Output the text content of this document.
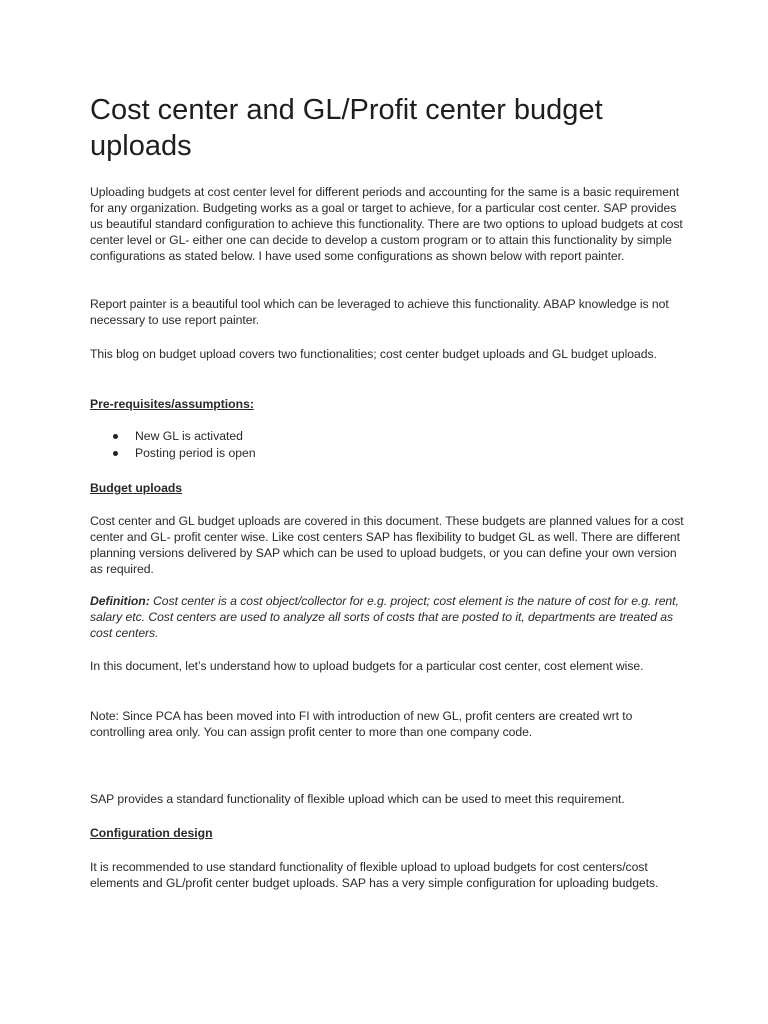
Cost center and GL/Profit center budget uploads

Uploading budgets at cost center level for different periods and accounting for the same is a basic requirement for any organization. Budgeting works as a goal or target to achieve, for a particular cost center. SAP provides us beautiful standard configuration to achieve this functionality. There are two options to upload budgets at cost center level or GL- either one can decide to develop a custom program or to attain this functionality by simple configurations as stated below. I have used some configurations as shown below with report painter.

Report painter is a beautiful tool which can be leveraged to achieve this functionality. ABAP knowledge is not necessary to use report painter.

This blog on budget upload covers two functionalities; cost center budget uploads and GL budget uploads.

Pre-requisites/assumptions:

New GL is activated
Posting period is open

Budget uploads

Cost center and GL budget uploads are covered in this document. These budgets are planned values for a cost center and GL- profit center wise. Like cost centers SAP has flexibility to budget GL as well. There are different planning versions delivered by SAP which can be used to upload budgets, or you can define your own version as required.

Definition: Cost center is a cost object/collector for e.g. project; cost element is the nature of cost for e.g. rent, salary etc. Cost centers are used to analyze all sorts of costs that are posted to it, departments are treated as cost centers.

In this document, let’s understand how to upload budgets for a particular cost center, cost element wise.

Note: Since PCA has been moved into FI with introduction of new GL, profit centers are created wrt to controlling area only. You can assign profit center to more than one company code.

SAP provides a standard functionality of flexible upload which can be used to meet this requirement.

Configuration design

It is recommended to use standard functionality of flexible upload to upload budgets for cost centers/cost elements and GL/profit center budget uploads. SAP has a very simple configuration for uploading budgets.
